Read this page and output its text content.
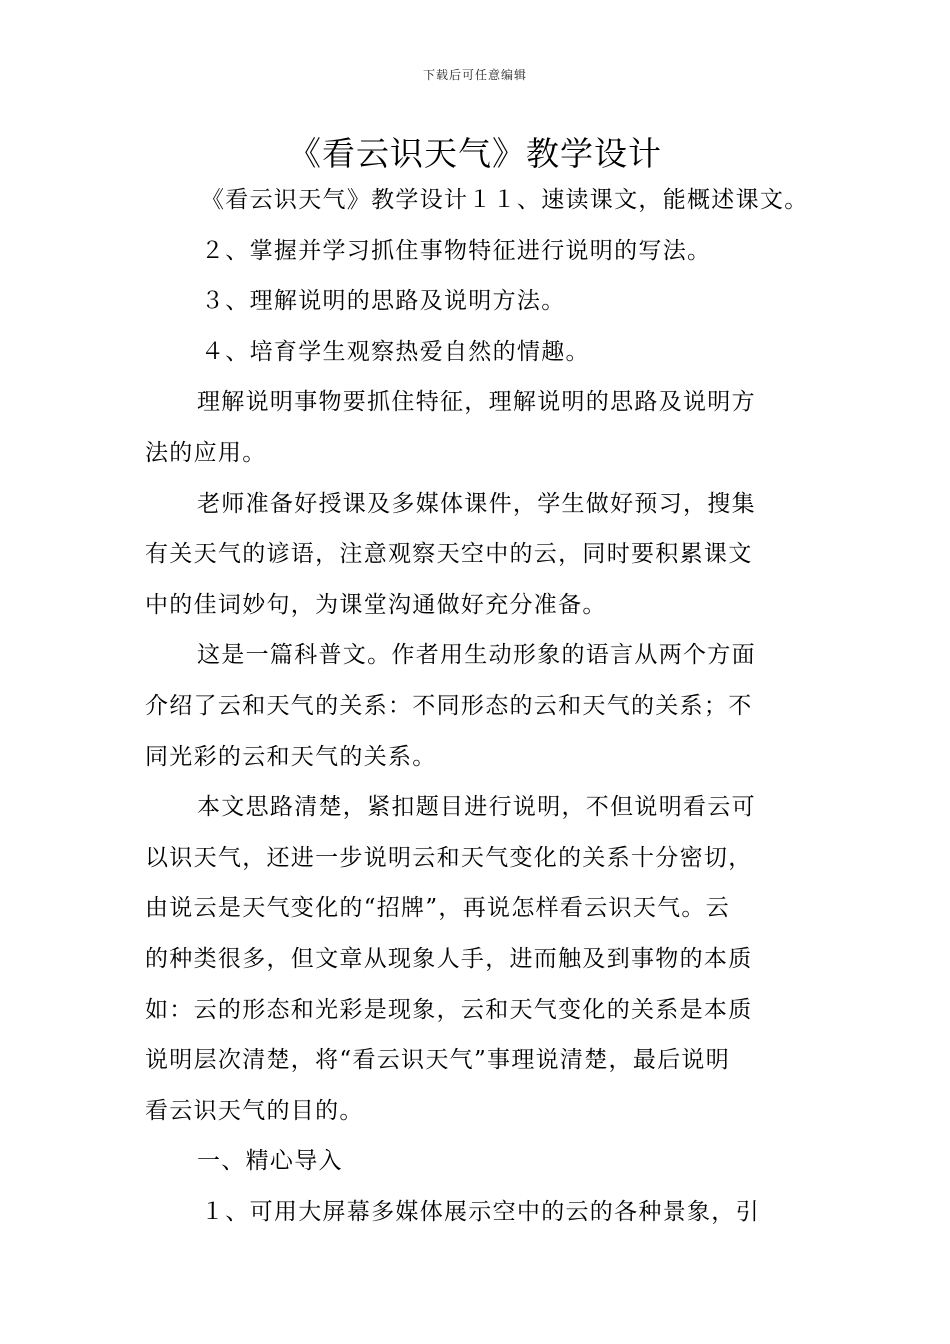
下载后可任意编辑
《看云识天气》教学设计
《看云识天气》教学设计１１、速读课文，能概述课文。
２、掌握并学习抓住事物特征进行说明的写法。
３、理解说明的思路及说明方法。
４、培育学生观察热爱自然的情趣。
理解说明事物要抓住特征，理解说明的思路及说明方
法的应用。
老师准备好授课及多媒体课件，学生做好预习，搜集
有关天气的谚语，注意观察天空中的云，同时要积累课文
中的佳词妙句，为课堂沟通做好充分准备。
这是一篇科普文。作者用生动形象的语言从两个方面
介绍了云和天气的关系：不同形态的云和天气的关系；不
同光彩的云和天气的关系。
本文思路清楚，紧扣题目进行说明，不但说明看云可
以识天气，还进一步说明云和天气变化的关系十分密切，
由说云是天气变化的“招牌”，再说怎样看云识天气。云
的种类很多，但文章从现象人手，进而触及到事物的本质
如：云的形态和光彩是现象，云和天气变化的关系是本质
说明层次清楚，将“看云识天气”事理说清楚，最后说明
看云识天气的目的。
一、精心导入
１、可用大屏幕多媒体展示空中的云的各种景象，引
